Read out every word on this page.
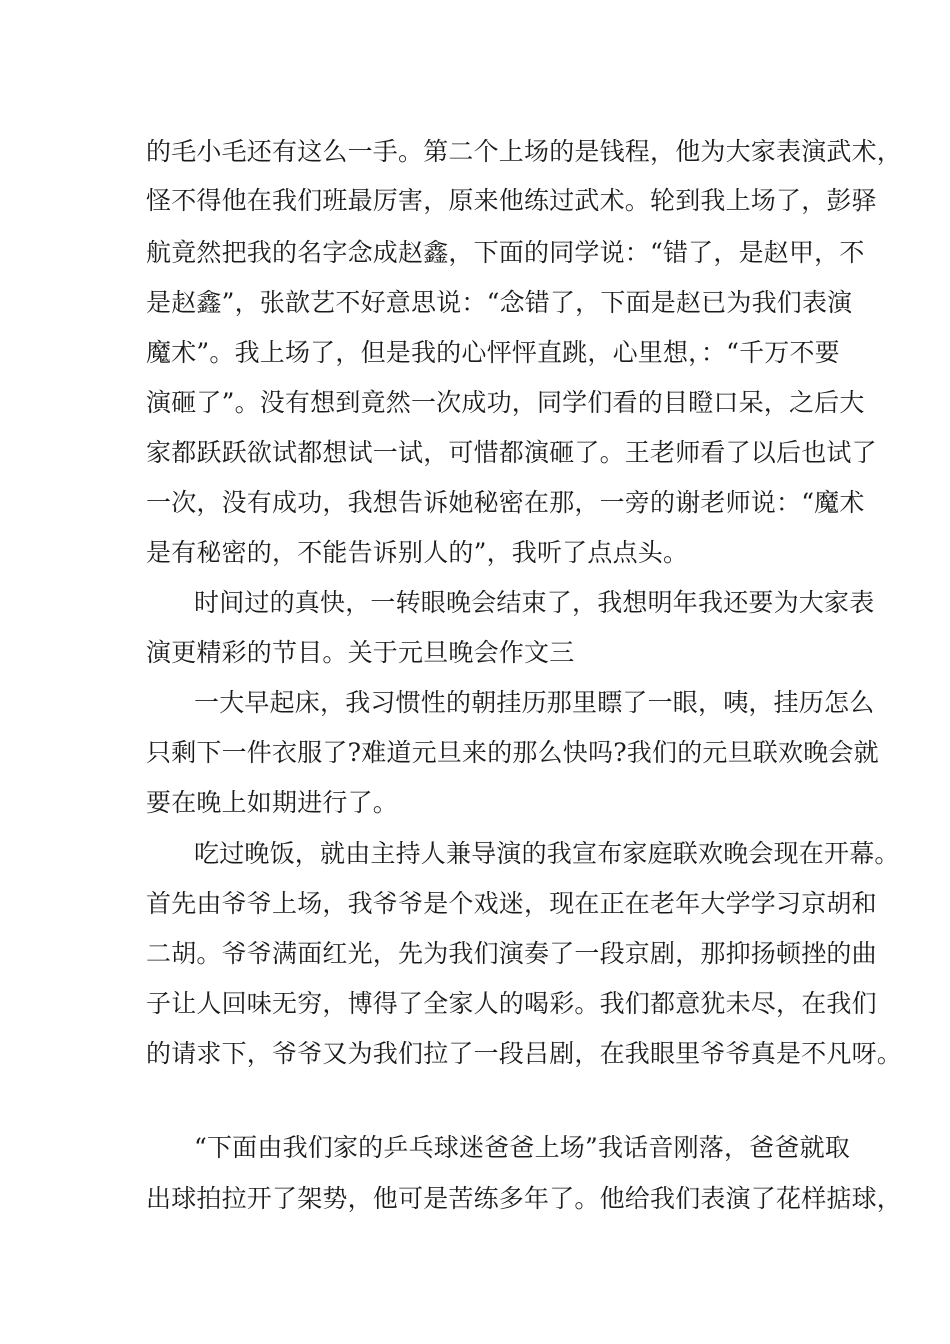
的毛小毛还有这么一手。第二个上场的是钱程，他为大家表演武术，
怪不得他在我们班最厉害，原来他练过武术。轮到我上场了，彭驿
航竟然把我的名字念成赵鑫，下面的同学说：“错了，是赵甲，不
是赵鑫”，张歆艺不好意思说：“念错了，下面是赵已为我们表演
魔术”。我上场了，但是我的心怦怦直跳，心里想，：“千万不要
演砸了”。没有想到竟然一次成功，同学们看的目瞪口呆，之后大
家都跃跃欲试都想试一试，可惜都演砸了。王老师看了以后也试了
一次，没有成功，我想告诉她秘密在那，一旁的谢老师说：“魔术
是有秘密的，不能告诉别人的”，我听了点点头。
时间过的真快，一转眼晚会结束了，我想明年我还要为大家表
演更精彩的节目。关于元旦晚会作文三
一大早起床，我习惯性的朝挂历那里瞟了一眼，咦，挂历怎么
只剩下一件衣服了?难道元旦来的那么快吗?我们的元旦联欢晚会就
要在晚上如期进行了。
吃过晚饭，就由主持人兼导演的我宣布家庭联欢晚会现在开幕。
首先由爷爷上场，我爷爷是个戏迷，现在正在老年大学学习京胡和
二胡。爷爷满面红光，先为我们演奏了一段京剧，那抑扬顿挫的曲
子让人回味无穷，博得了全家人的喝彩。我们都意犹未尽，在我们
的请求下，爷爷又为我们拉了一段吕剧，在我眼里爷爷真是不凡呀。
“下面由我们家的乒乓球迷爸爸上场”我话音刚落，爸爸就取
出球拍拉开了架势，他可是苦练多年了。他给我们表演了花样掂球，
